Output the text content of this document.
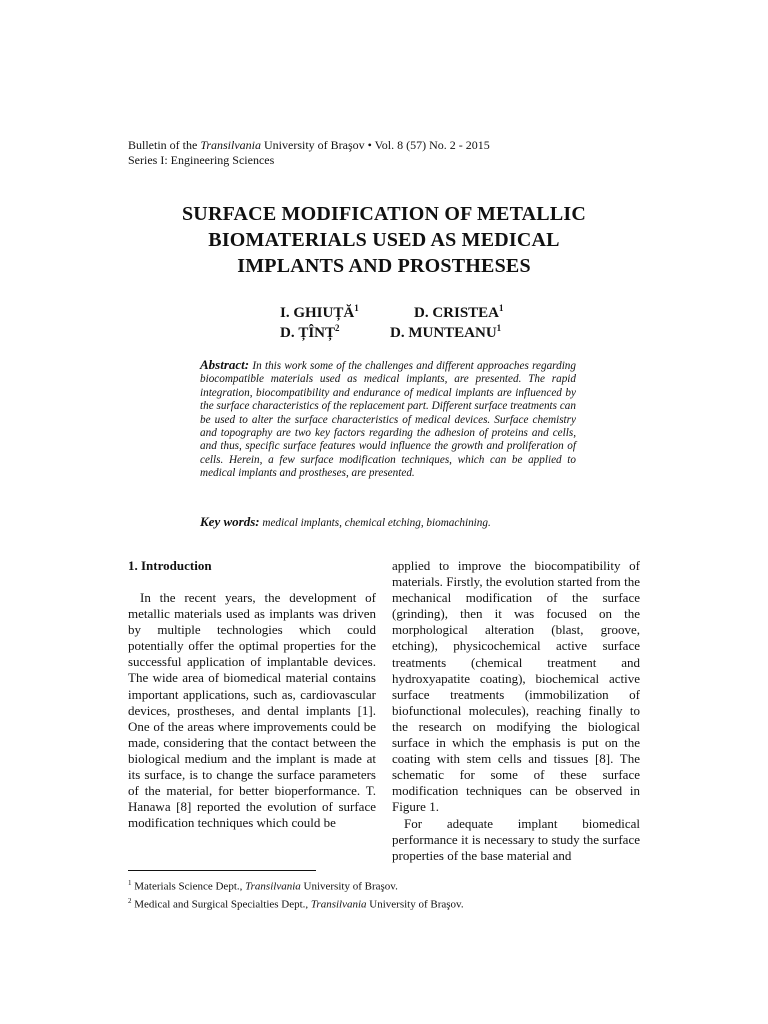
Bulletin of the Transilvania University of Braşov • Vol. 8 (57) No. 2 - 2015
Series I: Engineering Sciences
SURFACE MODIFICATION OF METALLIC
BIOMATERIALS USED AS MEDICAL
IMPLANTS AND PROSTHESES
I. GHIUȚĂ$^1$	D. CRISTEA$^1$
D. ȚÎNȚ$^2$	D. MUNTEANU$^1$
Abstract: In this work some of the challenges and different approaches regarding biocompatible materials used as medical implants, are presented. The rapid integration, biocompatibility and endurance of medical implants are influenced by the surface characteristics of the replacement part. Different surface treatments can be used to alter the surface characteristics of medical devices. Surface chemistry and topography are two key factors regarding the adhesion of proteins and cells, and thus, specific surface features would influence the growth and proliferation of cells. Herein, a few surface modification techniques, which can be applied to medical implants and prostheses, are presented.
Key words: medical implants, chemical etching, biomachining.
1. Introduction

In the recent years, the development of metallic materials used as implants was driven by multiple technologies which could potentially offer the optimal properties for the successful application of implantable devices. The wide area of biomedical material contains important applications, such as, cardiovascular devices, prostheses, and dental implants [1]. One of the areas where improvements could be made, considering that the contact between the biological medium and the implant is made at its surface, is to change the surface parameters of the material, for better bioperformance. T. Hanawa [8] reported the evolution of surface modification techniques which could be

applied to improve the biocompatibility of materials. Firstly, the evolution started from the mechanical modification of the surface (grinding), then it was focused on the morphological alteration (blast, groove, etching), physicochemical active surface treatments (chemical treatment and hydroxyapatite coating), biochemical active surface treatments (immobilization of biofunctional molecules), reaching finally to the research on modifying the biological surface in which the emphasis is put on the coating with stem cells and tissues [8]. The schematic for some of these surface modification techniques can be observed in Figure 1.

For adequate implant biomedical performance it is necessary to study the surface properties of the base material and

$^1$ Materials Science Dept., Transilvania University of Braşov.
$^2$ Medical and Surgical Specialties Dept., Transilvania University of Braşov.
